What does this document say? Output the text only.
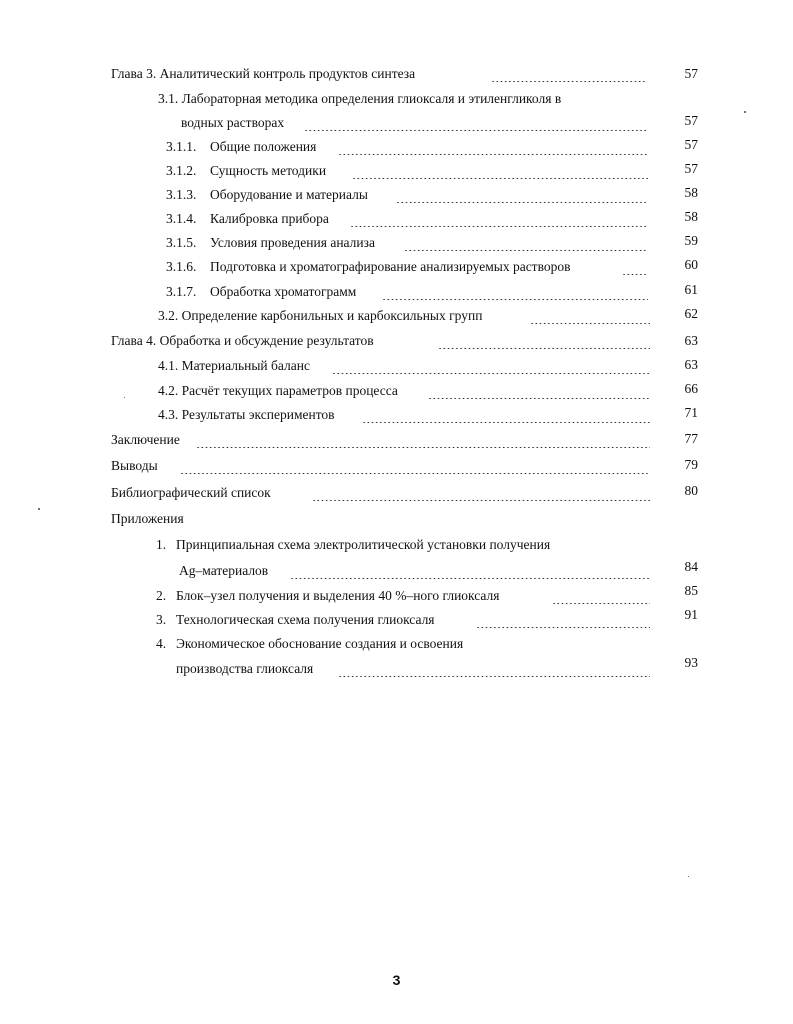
Глава 3. Аналитический контроль продуктов синтеза	57
3.1. Лабораторная методика определения глиоксаля и этиленгликоля в
водных растворах	57
3.1.1. Общие положения	57
3.1.2. Сущность методики	57
3.1.3. Оборудование и материалы	58
3.1.4. Калибровка прибора	58
3.1.5. Условия проведения анализа	59
3.1.6. Подготовка и хроматографирование анализируемых растворов	60
3.1.7. Обработка хроматограмм	61
3.2. Определение карбонильных и карбоксильных групп	62
Глава 4. Обработка и обсуждение результатов	63
4.1. Материальный баланс	63
4.2. Расчёт текущих параметров процесса	66
4.3. Результаты экспериментов	71
Заключение	77
Выводы	79
Библиографический список	80
Приложения
1. Принципиальная схема электролитической установки получения
Ag–материалов	84
2. Блок–узел получения и выделения 40 %–ного глиоксаля	85
3. Технологическая схема получения глиоксаля	91
4. Экономическое обоснование создания и освоения
производства глиоксаля	93
3
